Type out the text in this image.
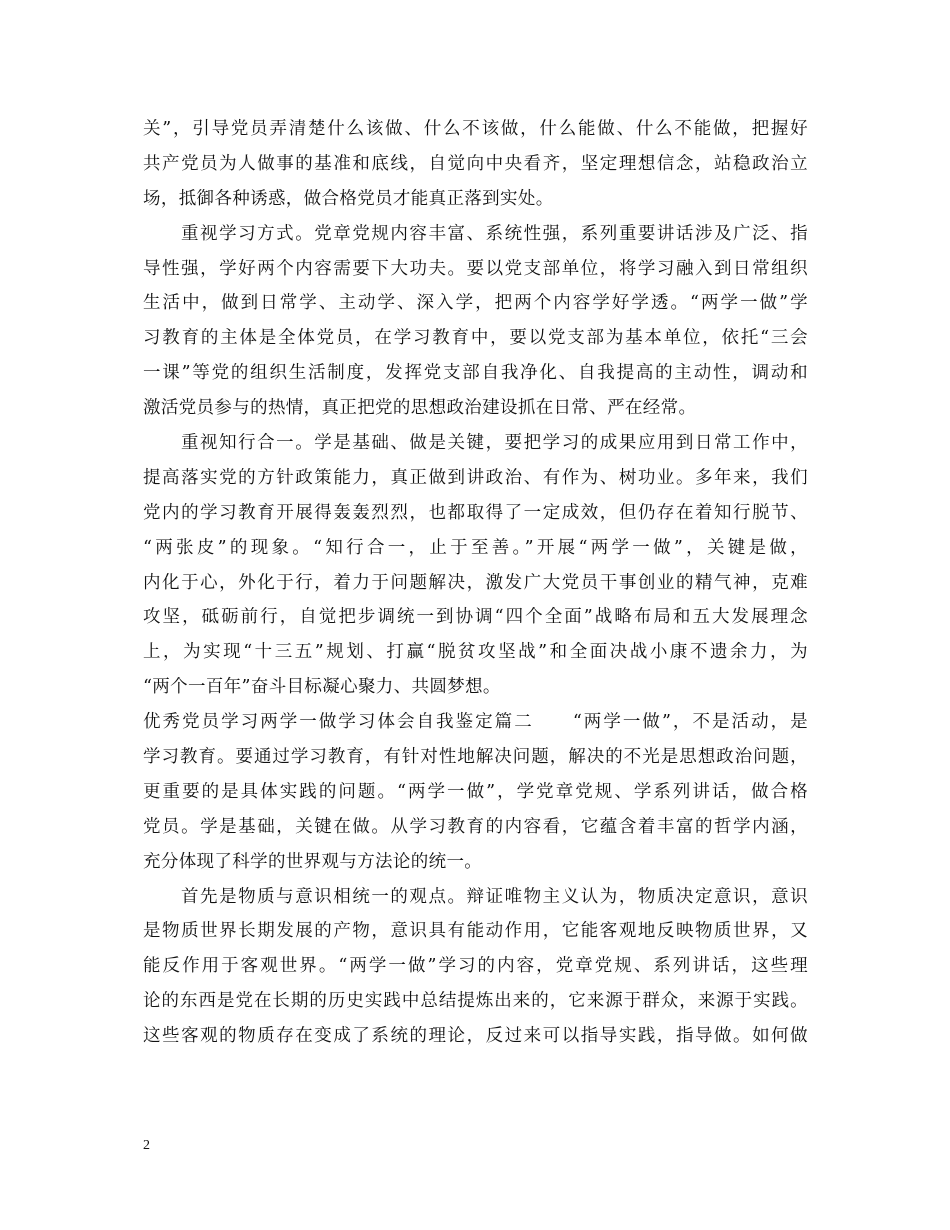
关”，引导党员弄清楚什么该做、什么不该做，什么能做、什么不能做，把握好
共产党员为人做事的基准和底线，自觉向中央看齐，坚定理想信念，站稳政治立
场，抵御各种诱惑，做合格党员才能真正落到实处。
重视学习方式。党章党规内容丰富、系统性强，系列重要讲话涉及广泛、指
导性强，学好两个内容需要下大功夫。要以党支部单位，将学习融入到日常组织
生活中，做到日常学、主动学、深入学，把两个内容学好学透。“两学一做”学
习教育的主体是全体党员，在学习教育中，要以党支部为基本单位，依托“三会
一课”等党的组织生活制度，发挥党支部自我净化、自我提高的主动性，调动和
激活党员参与的热情，真正把党的思想政治建设抓在日常、严在经常。
重视知行合一。学是基础、做是关键，要把学习的成果应用到日常工作中，
提高落实党的方针政策能力，真正做到讲政治、有作为、树功业。多年来，我们
党内的学习教育开展得轰轰烈烈，也都取得了一定成效，但仍存在着知行脱节、
“两张皮”的现象。“知行合一，止于至善。”开展“两学一做”，关键是做，
内化于心，外化于行，着力于问题解决，激发广大党员干事创业的精气神，克难
攻坚，砥砺前行，自觉把步调统一到协调“四个全面”战略布局和五大发展理念
上，为实现“十三五”规划、打赢“脱贫攻坚战”和全面决战小康不遗余力，为
“两个一百年”奋斗目标凝心聚力、共圆梦想。
优秀党员学习两学一做学习体会自我鉴定篇二　　“两学一做”，不是活动，是
学习教育。要通过学习教育，有针对性地解决问题，解决的不光是思想政治问题，
更重要的是具体实践的问题。“两学一做”，学党章党规、学系列讲话，做合格
党员。学是基础，关键在做。从学习教育的内容看，它蕴含着丰富的哲学内涵，
充分体现了科学的世界观与方法论的统一。
首先是物质与意识相统一的观点。辩证唯物主义认为，物质决定意识，意识
是物质世界长期发展的产物，意识具有能动作用，它能客观地反映物质世界，又
能反作用于客观世界。“两学一做”学习的内容，党章党规、系列讲话，这些理
论的东西是党在长期的历史实践中总结提炼出来的，它来源于群众，来源于实践。
这些客观的物质存在变成了系统的理论，反过来可以指导实践，指导做。如何做
2
